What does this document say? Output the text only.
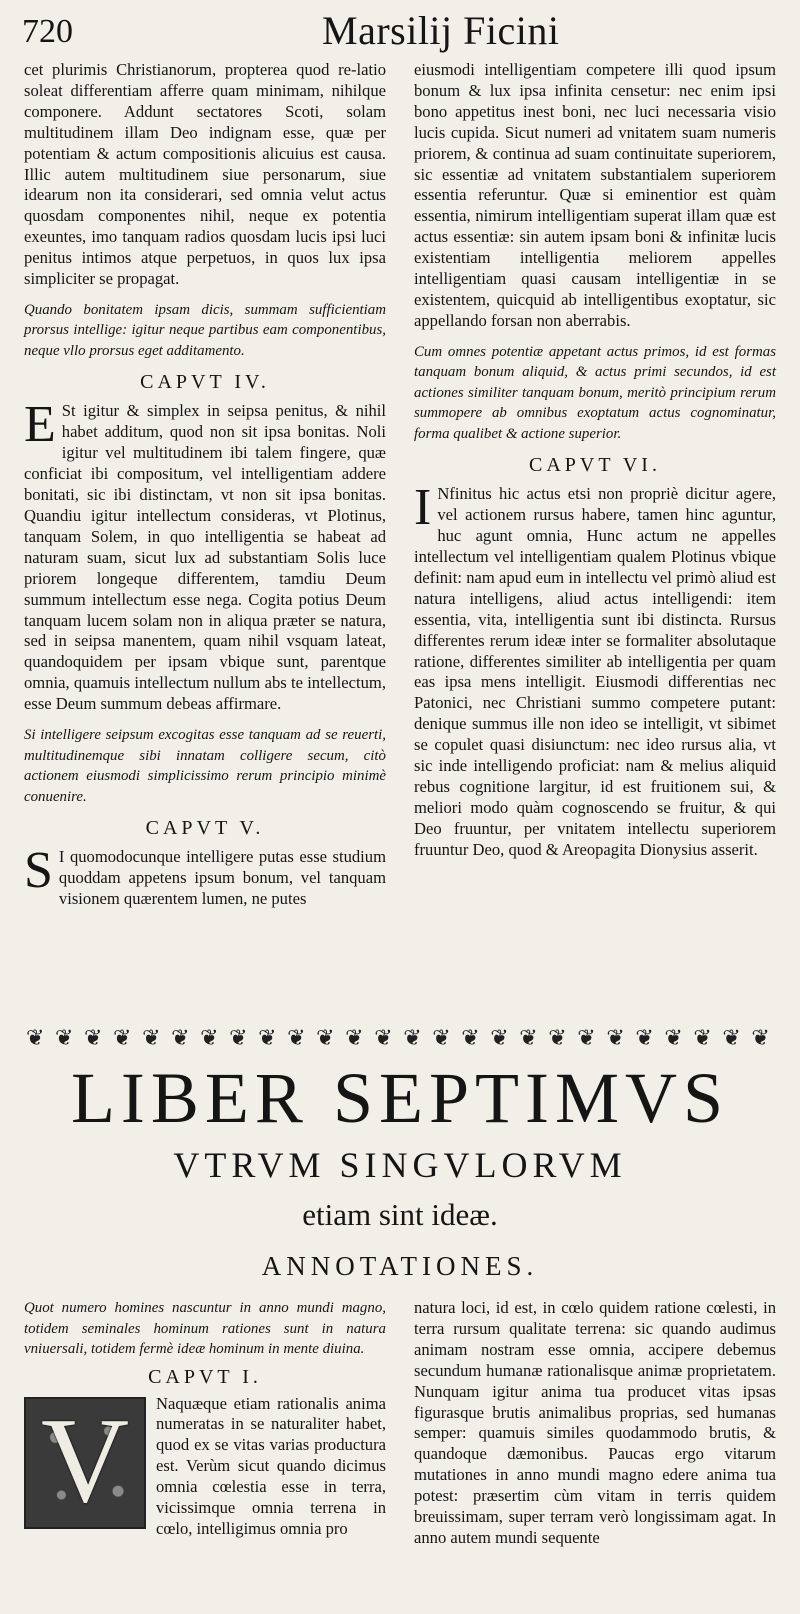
720	Marsilij Ficini

cet plurimis Christianorum, propterea quod re-latio soleat differentiam afferre quam minimam, nihilque componere. Addunt sectatores Scoti, solam multitudinem illam Deo indignam esse, quæ per potentiam & actum compositionis alicuius est causa. Illic autem multitudinem siue personarum, siue idearum non ita considerari, sed omnia velut actus quosdam componentes nihil, neque ex potentia exeuntes, imo tanquam radios quosdam lucis ipsi luci penitus intimos atque perpetuos, in quos lux ipsa simpliciter se propagat.

Quando bonitatem ipsam dicis, summam sufficientiam prorsus intellige: igitur neque partibus eam componentibus, neque vllo prorsus eget additamento.

CAPVT IV.

E St igitur & simplex in seipsa penitus, & nihil habet additum, quod non sit ipsa bonitas. Noli igitur vel multitudinem ibi talem fingere, quæ conficiat ibi compositum, vel intelligentiam addere bonitati, sic ibi distinctam, vt non sit ipsa bonitas. Quandiu igitur intellectum consideras, vt Plotinus, tanquam Solem, in quo intelligentia se habeat ad naturam suam, sicut lux ad substantiam Solis luce priorem longeque differentem, tamdiu Deum summum intellectum esse nega. Cogita potius Deum tanquam lucem solam non in aliqua præter se natura, sed in seipsa manentem, quam nihil vsquam lateat, quandoquidem per ipsam vbique sunt, parentque omnia, quamuis intellectum nullum abs te intellectum, esse Deum summum debeas affirmare.

Si intelligere seipsum excogitas esse tanquam ad se reuerti, multitudinemque sibi innatam colligere secum, citò actionem eiusmodi simplicissimo rerum principio minimè conuenire.

CAPVT V.

S I quomodocunque intelligere putas esse studium quoddam appetens ipsum bonum, vel tanquam visionem quærentem lumen, ne putes

eiusmodi intelligentiam competere illi quod ipsum bonum & lux ipsa infinita censetur: nec enim ipsi bono appetitus inest boni, nec luci necessaria visio lucis cupida. Sicut numeri ad vnitatem suam numeris priorem, & continua ad suam continuitate superiorem, sic essentiæ ad vnitatem substantialem superiorem essentia referuntur. Quæ si eminentior est quàm essentia, nimirum intelligentiam superat illam quæ est actus essentiæ: sin autem ipsam boni & infinitæ lucis existentiam intelligentia meliorem appelles intelligentiam quasi causam intelligentiæ in se existentem, quicquid ab intelligentibus exoptatur, sic appellando forsan non aberrabis.

Cum omnes potentiæ appetant actus primos, id est formas tanquam bonum aliquid, & actus primi secundos, id est actiones similiter tanquam bonum, meritò principium rerum summopere ab omnibus exoptatum actus cognominatur, forma qualibet & actione superior.

CAPVT VI.

I Nfinitus hic actus etsi non propriè dicitur agere, vel actionem rursus habere, tamen hinc aguntur, huc agunt omnia, Hunc actum ne appelles intellectum vel intelligentiam qualem Plotinus vbique definit: nam apud eum in intellectu vel primò aliud est natura intelligens, aliud actus intelligendi: item essentia, vita, intelligentia sunt ibi distincta. Rursus differentes rerum ideæ inter se formaliter absolutaque ratione, differentes similiter ab intelligentia per quam eas ipsa mens intelligit. Eiusmodi differentias nec Patonici, nec Christiani summo competere putant: denique summus ille non ideo se intelligit, vt sibimet se copulet quasi disiunctum: nec ideo rursus alia, vt sic inde intelligendo proficiat: nam & melius aliquid rebus cognitione largitur, id est fruitionem sui, & meliori modo quàm cognoscendo se fruitur, & qui Deo fruuntur, per vnitatem intellectu superiorem fruuntur Deo, quod & Areopagita Dionysius asserit.

❦ ❦ ❦ ❦ ❦ ❦ ❦ ❦ ❦ ❦ ❦ ❦ ❦ ❦ ❦ ❦ ❦ ❦ ❦ ❦ ❦ ❦ ❦ ❦ ❦ ❦
LIBER SEPTIMVS
VTRVM SINGVLORVM
etiam sint ideæ.
ANNOTATIONES.

Quot numero homines nascuntur in anno mundi magno, totidem seminales hominum rationes sunt in natura vniuersali, totidem fermè ideæ hominum in mente diuina.

CAPVT I.

V	Naquæque etiam rationalis anima numeratas in se naturaliter habet, quod ex se vitas varias productura est. Verùm sicut quando dicimus omnia cœlestia esse in terra, vicissimque omnia terrena in cœlo, intelligimus omnia pro

natura loci, id est, in cœlo quidem ratione cœlesti, in terra rursum qualitate terrena: sic quando audimus animam nostram esse omnia, accipere debemus secundum humanæ rationalisque animæ proprietatem. Nunquam igitur anima tua producet vitas ipsas figurasque brutis animalibus proprias, sed humanas semper: quamuis similes quodammodo brutis, & quandoque dæmonibus. Paucas ergo vitarum mutationes in anno mundi magno edere anima tua potest: præsertim cùm vitam in terris quidem breuissimam, super terram verò longissimam agat. In anno autem mundi sequente
